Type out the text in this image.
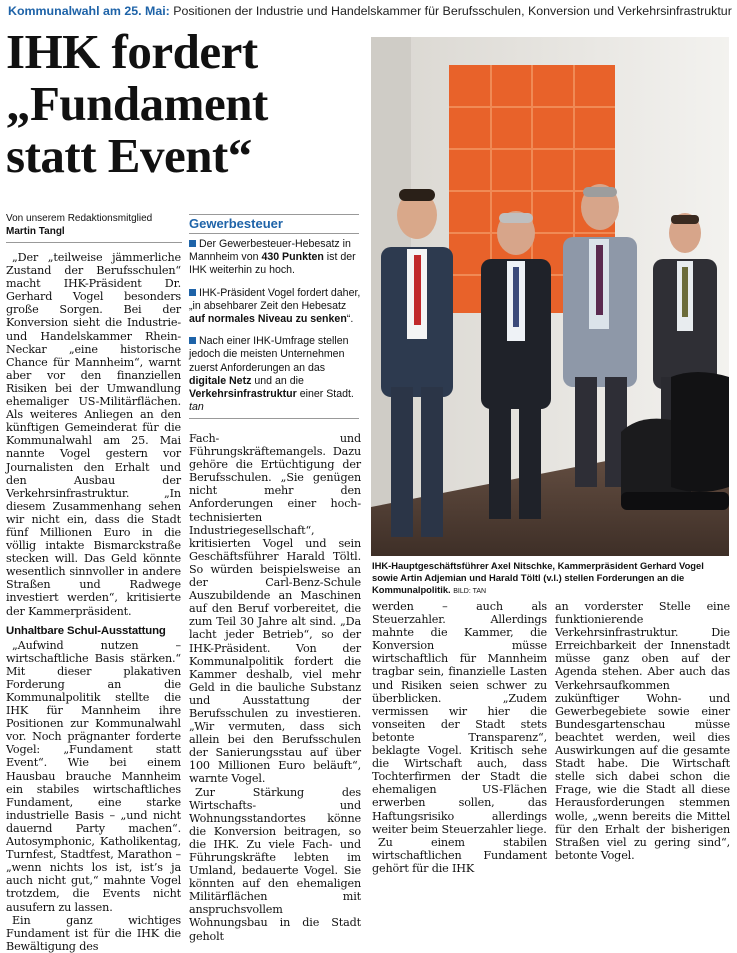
Kommunalwahl am 25. Mai: Positionen der Industrie und Handelskammer für Berufsschulen, Konversion und Verkehrsinfrastruktur
IHK fordert
„Fundament
statt Event“
Von unserem Redaktionsmitglied
Martin Tangl

„Der „teilweise jämmerliche Zustand der Berufsschulen“ macht IHK-Präsident Dr. Gerhard Vogel besonders große Sorgen. Bei der Konversion sieht die Industrie- und Handelskammer Rhein-Neckar „eine historische Chance für Mannheim“, warnt aber vor den finanziellen Risiken bei der Umwandlung ehemaliger US-Militärflächen. Als weiteres Anliegen an den künftigen Gemeinderat für die Kommunalwahl am 25. Mai nannte Vogel gestern vor Journalisten den Erhalt und den Ausbau der Verkehrsinfrastruktur. „In diesem Zusammenhang sehen wir nicht ein, dass die Stadt fünf Millionen Euro in die völlig intakte Bismarckstraße stecken will. Das Geld könnte wesentlich sinnvoller in andere Straßen und Radwege investiert werden“, kritisierte der Kammerpräsident.

Unhaltbare Schul-Ausstattung

„Aufwind nutzen – wirtschaftliche Basis stärken.“ Mit dieser plakativen Forderung an die Kommunalpolitik stellte die IHK für Mannheim ihre Positionen zur Kommunalwahl vor. Noch prägnanter forderte Vogel: „Fundament statt Event“. Wie bei einem Hausbau brauche Mannheim ein stabiles wirtschaftliches Fundament, eine starke industrielle Basis – „und nicht dauernd Party machen“. Autosymphonic, Katholikentag, Turnfest, Stadtfest, Marathon – „wenn nichts los ist, ist’s ja auch nicht gut,“ mahnte Vogel trotzdem, die Events nicht ausufern zu lassen.

Ein ganz wichtiges Fundament ist für die IHK die Bewältigung des

Gewerbesteuer
Der Gewerbesteuer-Hebesatz in Mannheim von 430 Punkten ist der IHK weiterhin zu hoch.
IHK-Präsident Vogel fordert daher, „in absehbarer Zeit den Hebesatz auf normales Niveau zu senken“.
Nach einer IHK-Umfrage stellen jedoch die meisten Unternehmen zuerst Anforderungen an das digitale Netz und an die Verkehrsinfrastruktur einer Stadt. tan

Fach- und Führungskräftemangels. Dazu gehöre die Ertüchtigung der Berufsschulen. „Sie genügen nicht mehr den Anforderungen einer hoch-technisierten Industriegesellschaft“, kritisierten Vogel und sein Geschäftsführer Harald Töltl. So würden beispielsweise an der Carl-Benz-Schule Auszubildende an Maschinen auf den Beruf vorbereitet, die zum Teil 30 Jahre alt sind. „Da lacht jeder Betrieb“, so der IHK-Präsident. Von der Kommunalpolitik fordert die Kammer deshalb, viel mehr Geld in die bauliche Substanz und Ausstattung der Berufsschulen zu investieren. „Wir vermuten, dass sich allein bei den Berufsschulen der Sanierungsstau auf über 100 Millionen Euro beläuft“, warnte Vogel.

Zur Stärkung des Wirtschafts- und Wohnungsstandortes könne die Konversion beitragen, so die IHK. Zu viele Fach- und Führungskräfte lebten im Umland, bedauerte Vogel. Sie könnten auf den ehemaligen Militärflächen mit anspruchsvollem Wohnungsbau in die Stadt geholt

IHK-Hauptgeschäftsführer Axel Nitschke, Kammerpräsident Gerhard Vogel sowie Artin Adjemian und Harald Töltl (v.l.) stellen Forderungen an die Kommunalpolitik. BILD: TAN

werden – auch als Steuerzahler. Allerdings mahnte die Kammer, die Konversion müsse wirtschaftlich für Mannheim tragbar sein, finanzielle Lasten und Risiken seien schwer zu überblicken. „Zudem vermissen wir hier die vonseiten der Stadt stets betonte Transparenz“, beklagte Vogel. Kritisch sehe die Wirtschaft auch, dass Tochterfirmen der Stadt die ehemaligen US-Flächen erwerben sollen, das Haftungsrisiko allerdings weiter beim Steuerzahler liege.

Zu einem stabilen wirtschaftlichen Fundament gehört für die IHK

an vorderster Stelle eine funktionierende Verkehrsinfrastruktur. Die Erreichbarkeit der Innenstadt müsse ganz oben auf der Agenda stehen. Aber auch das Verkehrsaufkommen zukünftiger Wohn- und Gewerbegebiete sowie einer Bundesgartenschau müsse beachtet werden, weil dies Auswirkungen auf die gesamte Stadt habe. Die Wirtschaft stelle sich dabei schon die Frage, wie die Stadt all diese Herausforderungen stemmen wolle, „wenn bereits die Mittel für den Erhalt der bisherigen Straßen viel zu gering sind“, betonte Vogel.
